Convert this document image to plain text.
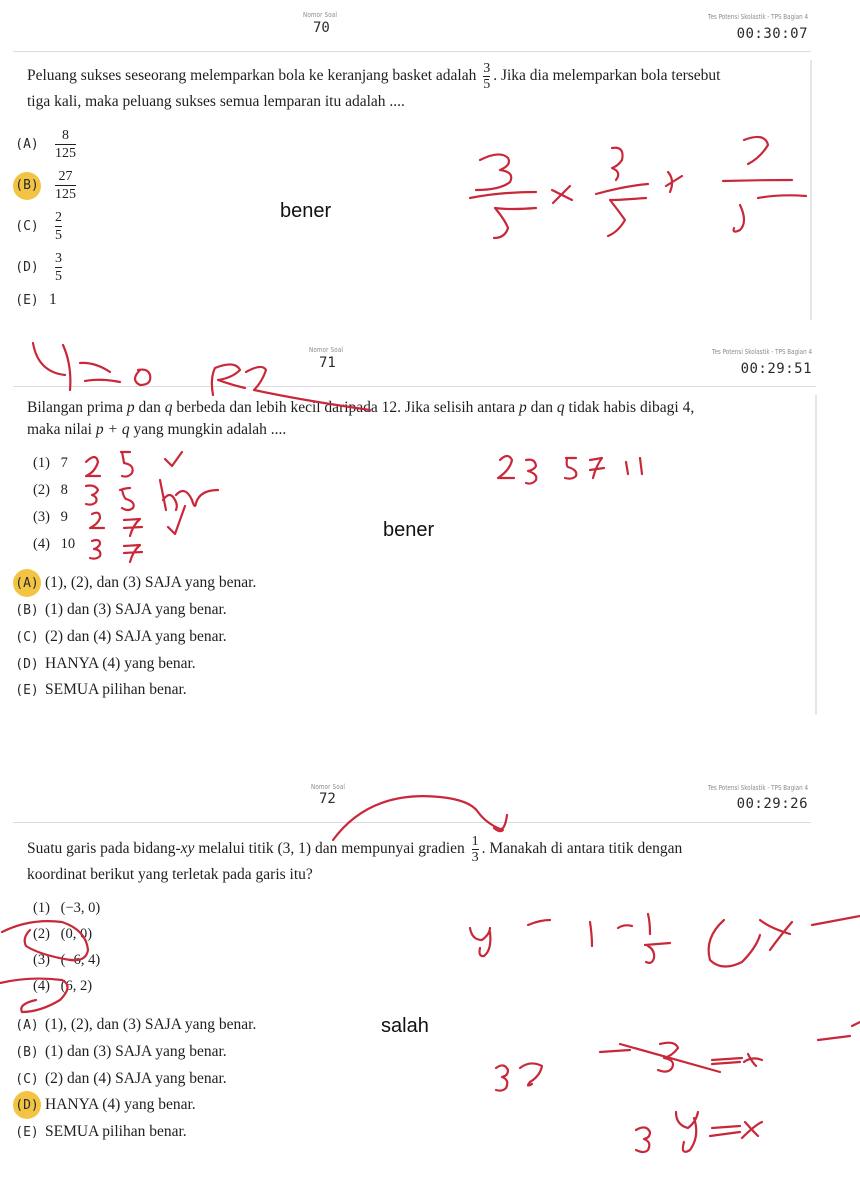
Nomor Soal
70
Tes Potensi Skolastik - TPS Bagian 4
00:30:07
Peluang sukses seseorang melemparkan bola ke keranjang basket adalah $\frac{3}{5}$ . Jika dia melemparkan bola tersebut tiga kali, maka peluang sukses semua lemparan itu adalah ....
$(A) \frac{8}{125}$
$(B) \frac{27}{125}$
$(C) \frac{2}{5}$
$(D) \frac{3}{5}$
(E) 1
bener
Nomor Soal
71
Tes Potensi Skolastik - TPS Bagian 4
00:29:51
Bilangan prima p dan q berbeda dan lebih kecil daripada 12. Jika selisih antara p dan q tidak habis dibagi 4, maka nilai p + q yang mungkin adalah ....
(1) 7
(2) 8
(3) 9
(4) 10
(A) (1), (2), dan (3) SAJA yang benar.
(B) (1) dan (3) SAJA yang benar.
(C) (2) dan (4) SAJA yang benar.
(D) HANYA (4) yang benar.
(E) SEMUA pilihan benar.
bener
Nomor Soal
72
Tes Potensi Skolastik - TPS Bagian 4
00:29:26
Suatu garis pada bidang-xy melalui titik (3, 1) dan mempunyai gradien $\frac{1}{3}$ . Manakah di antara titik dengan koordinat berikut yang terletak pada garis itu?
(1) (−3, 0)
(2) (0, 0)
(3) (−6, 4)
(4) (6, 2)
(A) (1), (2), dan (3) SAJA yang benar.
(B) (1) dan (3) SAJA yang benar.
(C) (2) dan (4) SAJA yang benar.
(D) HANYA (4) yang benar.
(E) SEMUA pilihan benar.
salah
